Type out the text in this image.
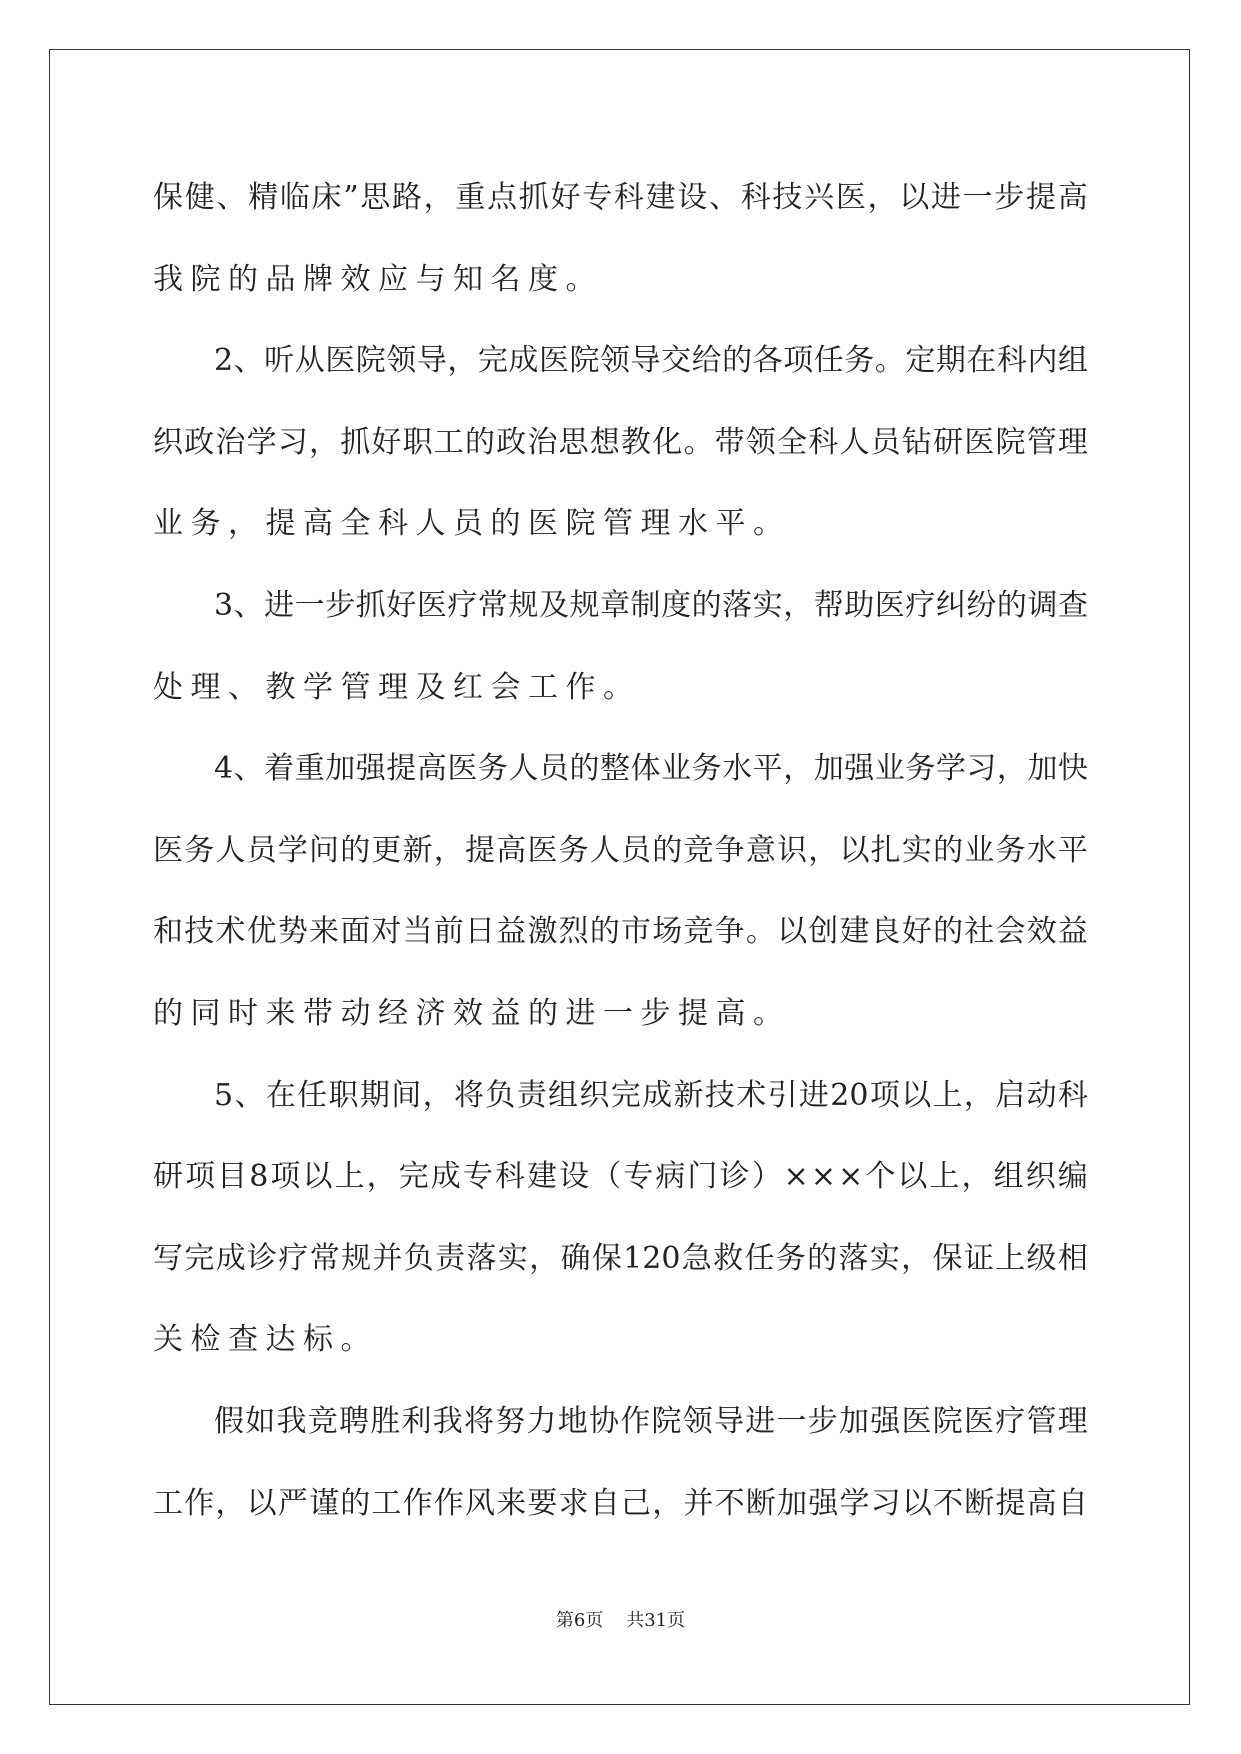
保 健 、 精 临 床 ” 思 路 ， 重 点 抓 好 专 科 建 设 、 科 技 兴 医 ， 以 进 一 步 提 高
我 院 的 品 牌 效 应 与 知 名 度 。
2 、 听 从 医 院 领 导 ， 完 成 医 院 领 导 交 给 的 各 项 任 务 。 定 期 在 科 内 组
织 政 治 学 习 ， 抓 好 职 工 的 政 治 思 想 教 化 。 带 领 全 科 人 员 钻 研 医 院 管 理
业 务 ， 提 高 全 科 人 员 的 医 院 管 理 水 平 。
3 、 进 一 步 抓 好 医 疗 常 规 及 规 章 制 度 的 落 实 ， 帮 助 医 疗 纠 纷 的 调 查
处 理 、 教 学 管 理 及 红 会 工 作 。
4 、 着 重 加 强 提 高 医 务 人 员 的 整 体 业 务 水 平 ， 加 强 业 务 学 习 ， 加 快
医 务 人 员 学 问 的 更 新 ， 提 高 医 务 人 员 的 竞 争 意 识 ， 以 扎 实 的 业 务 水 平
和 技 术 优 势 来 面 对 当 前 日 益 激 烈 的 市 场 竞 争 。 以 创 建 良 好 的 社 会 效 益
的 同 时 来 带 动 经 济 效 益 的 进 一 步 提 高 。
5 、 在 任 职 期 间 ， 将 负 责 组 织 完 成 新 技 术 引 进 20 项 以 上 ， 启 动 科
研 项 目 8 项 以 上 ， 完 成 专 科 建 设 （ 专 病 门 诊 ） × × × 个 以 上 ， 组 织 编
写 完 成 诊 疗 常 规 并 负 责 落 实 ， 确 保 120 急 救 任 务 的 落 实 ， 保 证 上 级 相
关 检 查 达 标 。
假 如 我 竞 聘 胜 利 我 将 努 力 地 协 作 院 领 导 进 一 步 加 强 医 院 医 疗 管 理
工 作 ， 以 严 谨 的 工 作 作 风 来 要 求 自 己 ， 并 不 断 加 强 学 习 以 不 断 提 高 自
第6页    共31页
